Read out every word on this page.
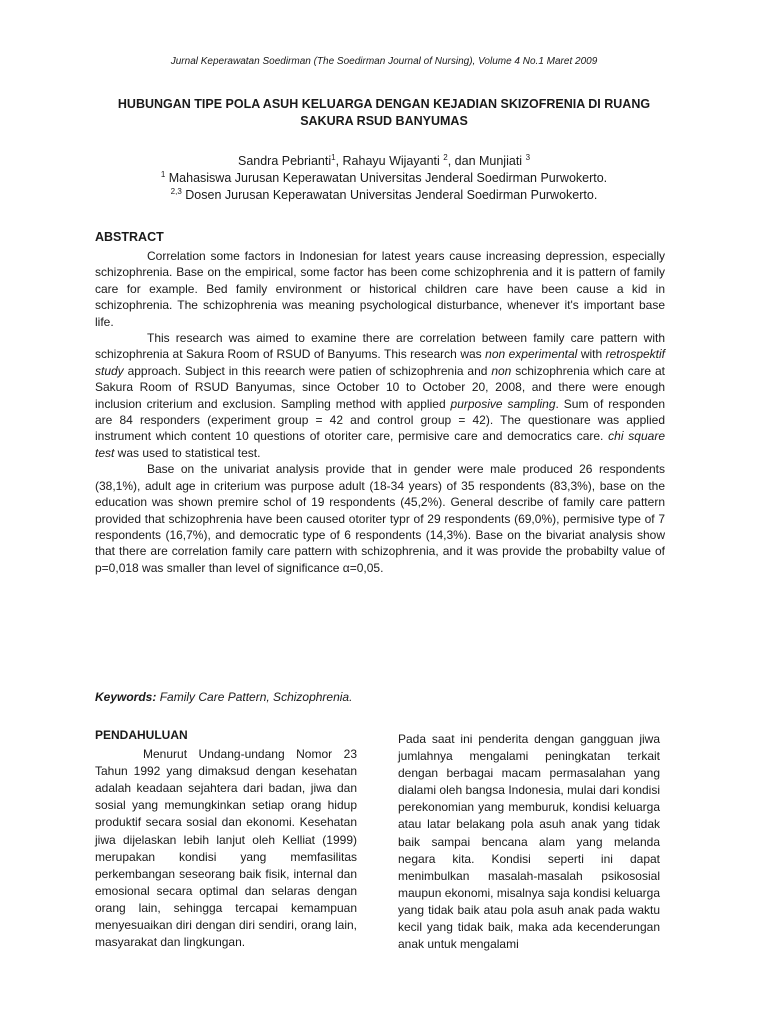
Jurnal Keperawatan Soedirman (The Soedirman Journal of Nursing), Volume 4 No.1 Maret 2009
HUBUNGAN TIPE POLA ASUH KELUARGA DENGAN KEJADIAN SKIZOFRENIA DI RUANG SAKURA RSUD BANYUMAS
Sandra Pebrianti$^1$, Rahayu Wijayanti $^2$, dan Munjiati $^3$
$^1$ Mahasiswa Jurusan Keperawatan Universitas Jenderal Soedirman Purwokerto.
$^{2,3}$ Dosen Jurusan Keperawatan Universitas Jenderal Soedirman Purwokerto.
ABSTRACT

Correlation some factors in Indonesian for latest years cause increasing depression, especially schizophrenia. Base on the empirical, some factor has been come schizophrenia and it is pattern of family care for example. Bed family environment or historical children care have been cause a kid in schizophrenia. The schizophrenia was meaning psychological disturbance, whenever it's important base life.

This research was aimed to examine there are correlation between family care pattern with schizophrenia at Sakura Room of RSUD of Banyums. This research was non experimental with retrospektif study approach. Subject in this reearch were patien of schizophrenia and non schizophrenia which care at Sakura Room of RSUD Banyumas, since October 10 to October 20, 2008, and there were enough inclusion criterium and exclusion. Sampling method with applied purposive sampling. Sum of responden are 84 responders (experiment group = 42 and control group = 42). The questionare was applied instrument which content 10 questions of otoriter care, permisive care and democratics care. chi square test was used to statistical test.

Base on the univariat analysis provide that in gender were male produced 26 respondents (38,1%), adult age in criterium was purpose adult (18-34 years) of 35 respondents (83,3%), base on the education was shown premire schol of 19 respondents (45,2%). General describe of family care pattern provided that schizophrenia have been caused otoriter typr of 29 respondents (69,0%), permisive type of 7 respondents (16,7%), and democratic type of 6 respondents (14,3%). Base on the bivariat analysis show that there are correlation family care pattern with schizophrenia, and it was provide the probabilty value of p=0,018 was smaller than level of significance α=0,05.

Keywords: Family Care Pattern, Schizophrenia.
PENDAHULUAN

Menurut Undang-undang Nomor 23 Tahun 1992 yang dimaksud dengan kesehatan adalah keadaan sejahtera dari badan, jiwa dan sosial yang memungkinkan setiap orang hidup produktif secara sosial dan ekonomi. Kesehatan jiwa dijelaskan lebih lanjut oleh Kelliat (1999) merupakan kondisi yang memfasilitas perkembangan seseorang baik fisik, internal dan emosional secara optimal dan selaras dengan orang lain, sehingga tercapai kemampuan menyesuaikan diri dengan diri sendiri, orang lain, masyarakat dan lingkungan.

Pada saat ini penderita dengan gangguan jiwa jumlahnya mengalami peningkatan terkait dengan berbagai macam permasalahan yang dialami oleh bangsa Indonesia, mulai dari kondisi perekonomian yang memburuk, kondisi keluarga atau latar belakang pola asuh anak yang tidak baik sampai bencana alam yang melanda negara kita. Kondisi seperti ini dapat menimbulkan masalah-masalah psikososial maupun ekonomi, misalnya saja kondisi keluarga yang tidak baik atau pola asuh anak pada waktu kecil yang tidak baik, maka ada kecenderungan anak untuk mengalami
